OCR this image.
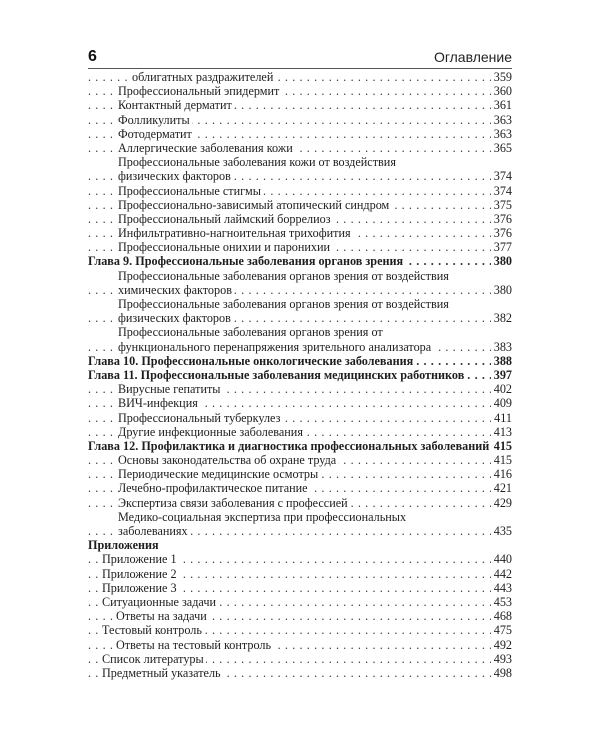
6	Оглавление
. . . облигатных раздражителей	359
. . . Профессиональный эпидермит	360
. . . Контактный дерматит	361
. . . Фолликулиты	363
. . . Фотодерматит	363
. . . Аллергические заболевания кожи	365
Профессиональные заболевания кожи от воздействия
. . . физических факторов	374
. . . Профессиональные стигмы	374
. . . Профессионально-зависимый атопический синдром	375
. . . Профессиональный лаймский боррелиоз	376
. . . Инфильтративно-нагноительная трихофития	376
. . . Профессиональные онихии и паронихии	377
. . . Глава 9. Профессиональные заболевания органов зрения	380
Профессиональные заболевания органов зрения от воздействия
. . . химических факторов	380
Профессиональные заболевания органов зрения от воздействия
. . . физических факторов	382
Профессиональные заболевания органов зрения от
. . . функционального перенапряжения зрительного анализатора	383
. . . Глава 10. Профессиональные онкологические заболевания	388
. . . Глава 11. Профессиональные заболевания медицинских работников 397
. . . Вирусные гепатиты	402
. . . ВИЧ-инфекция	409
. . . Профессиональный туберкулез	411
. . . Другие инфекционные заболевания	413
. . . Глава 12. Профилактика и диагностика профессиональных заболеваний 415
. . . Основы законодательства об охране труда	415
. . . Периодические медицинские осмотры	416
. . . Лечебно-профилактическое питание	421
. . . Экспертиза связи заболевания с профессией	429
Медико-социальная экспертиза при профессиональных
. . . заболеваниях	435
Приложения
. . . Приложение 1	440
. . . Приложение 2	442
. . . Приложение 3	443
. . . Ситуационные задачи	453
. . . Ответы на задачи	468
. . . Тестовый контроль	475
. . . Ответы на тестовый контроль	492
. . . Список литературы	493
. . . Предметный указатель	498
